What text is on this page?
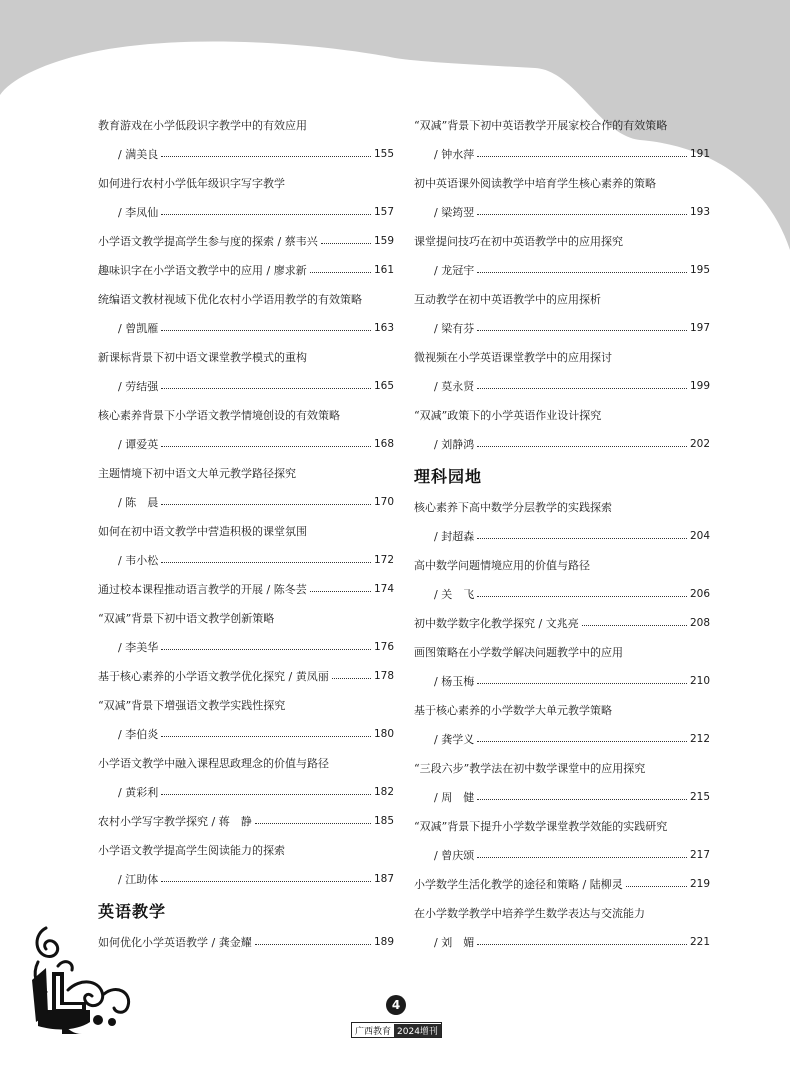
教育游戏在小学低段识字教学中的有效应用
/ 满美良	155
如何进行农村小学低年级识字写字教学
/ 李凤仙	157
小学语文教学提高学生参与度的探索 / 蔡韦兴	159
趣味识字在小学语文教学中的应用 / 廖求新	161
统编语文教材视域下优化农村小学语用教学的有效策略
/ 曾凯雁	163
新课标背景下初中语文课堂教学模式的重构
/ 劳结强	165
核心素养背景下小学语文教学情境创设的有效策略
/ 谭爱英	168
主题情境下初中语文大单元教学路径探究
/ 陈　晨	170
如何在初中语文教学中营造积极的课堂氛围
/ 韦小松	172
通过校本课程推动语言教学的开展 / 陈冬芸	174
“双减”背景下初中语文教学创新策略
/ 李美华	176
基于核心素养的小学语文教学优化探究 / 黄凤丽	178
“双减”背景下增强语文教学实践性探究
/ 李伯炎	180
小学语文教学中融入课程思政理念的价值与路径
/ 黄彩利	182
农村小学写字教学探究 / 蒋　静	185
小学语文教学提高学生阅读能力的探索
/ 江助体	187
英语教学
如何优化小学英语教学 / 龚金耀	189
“双减”背景下初中英语教学开展家校合作的有效策略
/ 钟水萍	191
初中英语课外阅读教学中培育学生核心素养的策略
/ 梁筠翌	193
课堂提问技巧在初中英语教学中的应用探究
/ 龙冠宇	195
互动教学在初中英语教学中的应用探析
/ 梁有芬	197
微视频在小学英语课堂教学中的应用探讨
/ 莫永贤	199
“双减”政策下的小学英语作业设计探究
/ 刘静鸿	202
理科园地
核心素养下高中数学分层教学的实践探索
/ 封超森	204
高中数学问题情境应用的价值与路径
/ 关　飞	206
初中数学数字化教学探究 / 文兆亮	208
画图策略在小学数学解决问题教学中的应用
/ 杨玉梅	210
基于核心素养的小学数学大单元教学策略
/ 龚学义	212
“三段六步”教学法在初中数学课堂中的应用探究
/ 周　健	215
“双减”背景下提升小学数学课堂教学效能的实践研究
/ 曾庆颂	217
小学数学生活化教学的途径和策略 / 陆柳灵	219
在小学数学教学中培养学生数学表达与交流能力
/ 刘　媚	221
4
广西教育 2024增刊
